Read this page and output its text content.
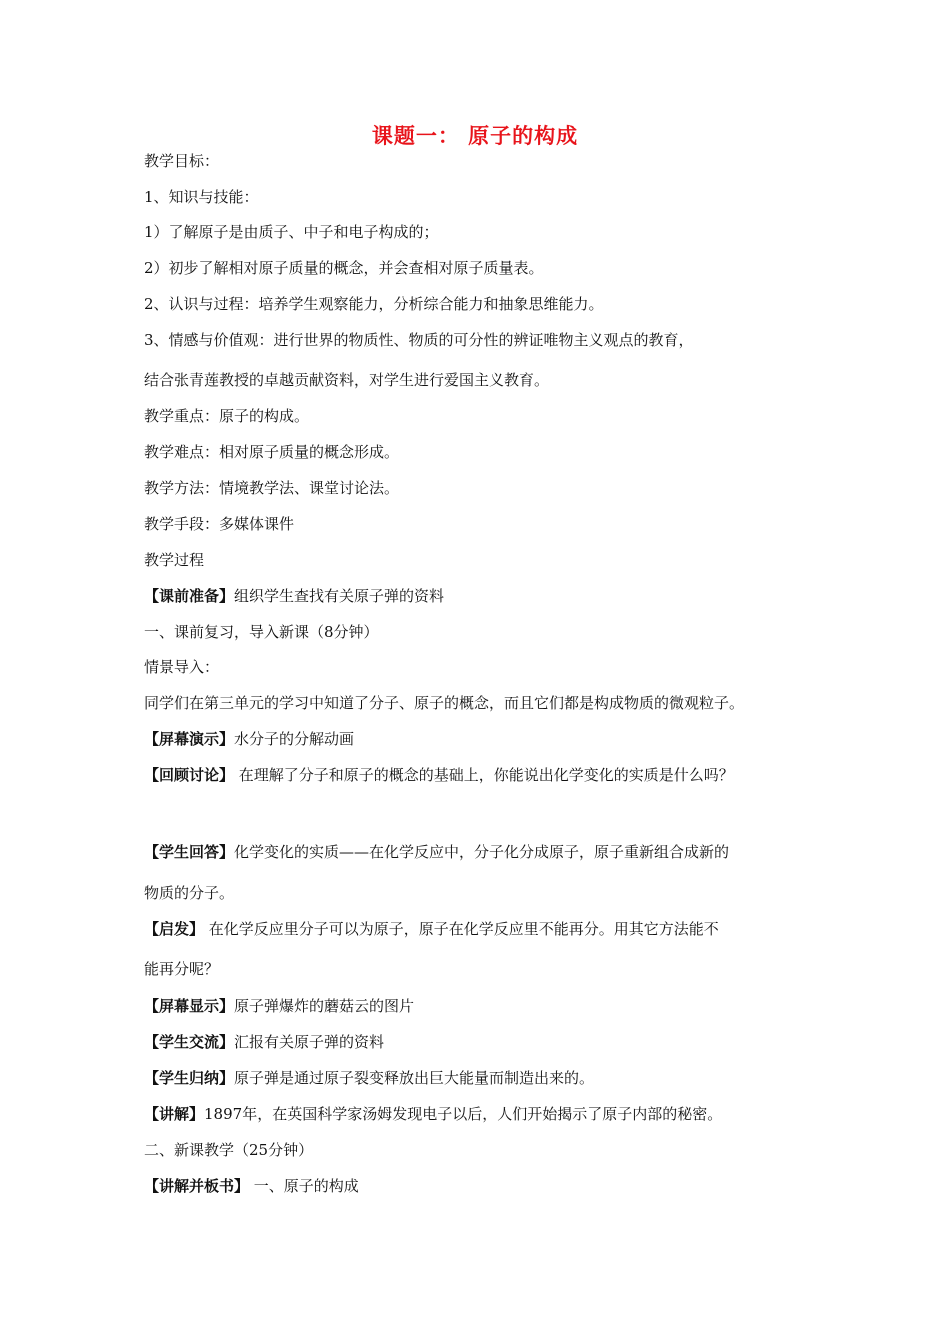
课题一： 原子的构成
教学目标：
1、知识与技能：
1）了解原子是由质子、中子和电子构成的；
2）初步了解相对原子质量的概念，并会查相对原子质量表。
2、认识与过程：培养学生观察能力，分析综合能力和抽象思维能力。
3、情感与价值观：进行世界的物质性、物质的可分性的辨证唯物主义观点的教育，
结合张青莲教授的卓越贡献资料，对学生进行爱国主义教育。
教学重点：原子的构成。
教学难点：相对原子质量的概念形成。
教学方法：情境教学法、课堂讨论法。
教学手段：多媒体课件
教学过程
【课前准备】组织学生查找有关原子弹的资料
一、课前复习，导入新课（8分钟）
情景导入：
同学们在第三单元的学习中知道了分子、原子的概念，而且它们都是构成物质的微观粒子。
【屏幕演示】水分子的分解动画
【回顾讨论】 在理解了分子和原子的概念的基础上，你能说出化学变化的实质是什么吗？
【学生回答】化学变化的实质——在化学反应中，分子化分成原子，原子重新组合成新的
物质的分子。
【启发】 在化学反应里分子可以为原子，原子在化学反应里不能再分。用其它方法能不
能再分呢？
【屏幕显示】原子弹爆炸的蘑菇云的图片
【学生交流】汇报有关原子弹的资料
【学生归纳】原子弹是通过原子裂变释放出巨大能量而制造出来的。
【讲解】1897年，在英国科学家汤姆发现电子以后，人们开始揭示了原子内部的秘密。
二、新课教学（25分钟）
【讲解并板书】 一、原子的构成
